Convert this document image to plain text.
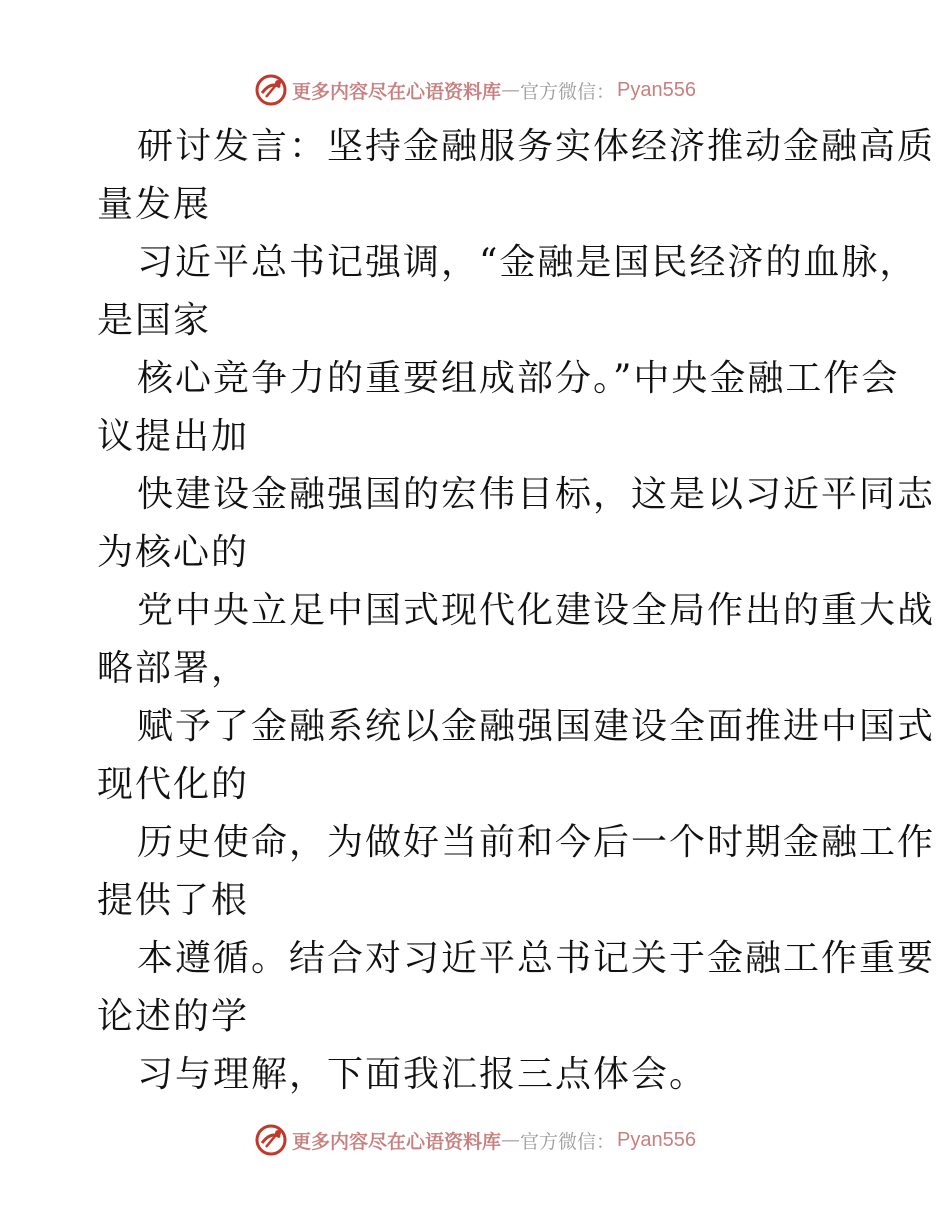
更多内容尽在心语资料库 — 官方微信： Pyan556
研讨发言：坚持金融服务实体经济推动金融高质
量发展
习近平总书记强调，“金融是国民经济的血脉，
是国家
核心竞争力的重要组成部分。”中央金融工作会
议提出加
快建设金融强国的宏伟目标，这是以习近平同志
为核心的
党中央立足中国式现代化建设全局作出的重大战
略部署，
赋予了金融系统以金融强国建设全面推进中国式
现代化的
历史使命，为做好当前和今后一个时期金融工作
提供了根
本遵循。结合对习近平总书记关于金融工作重要
论述的学
习与理解，下面我汇报三点体会。
更多内容尽在心语资料库 — 官方微信： Pyan556
